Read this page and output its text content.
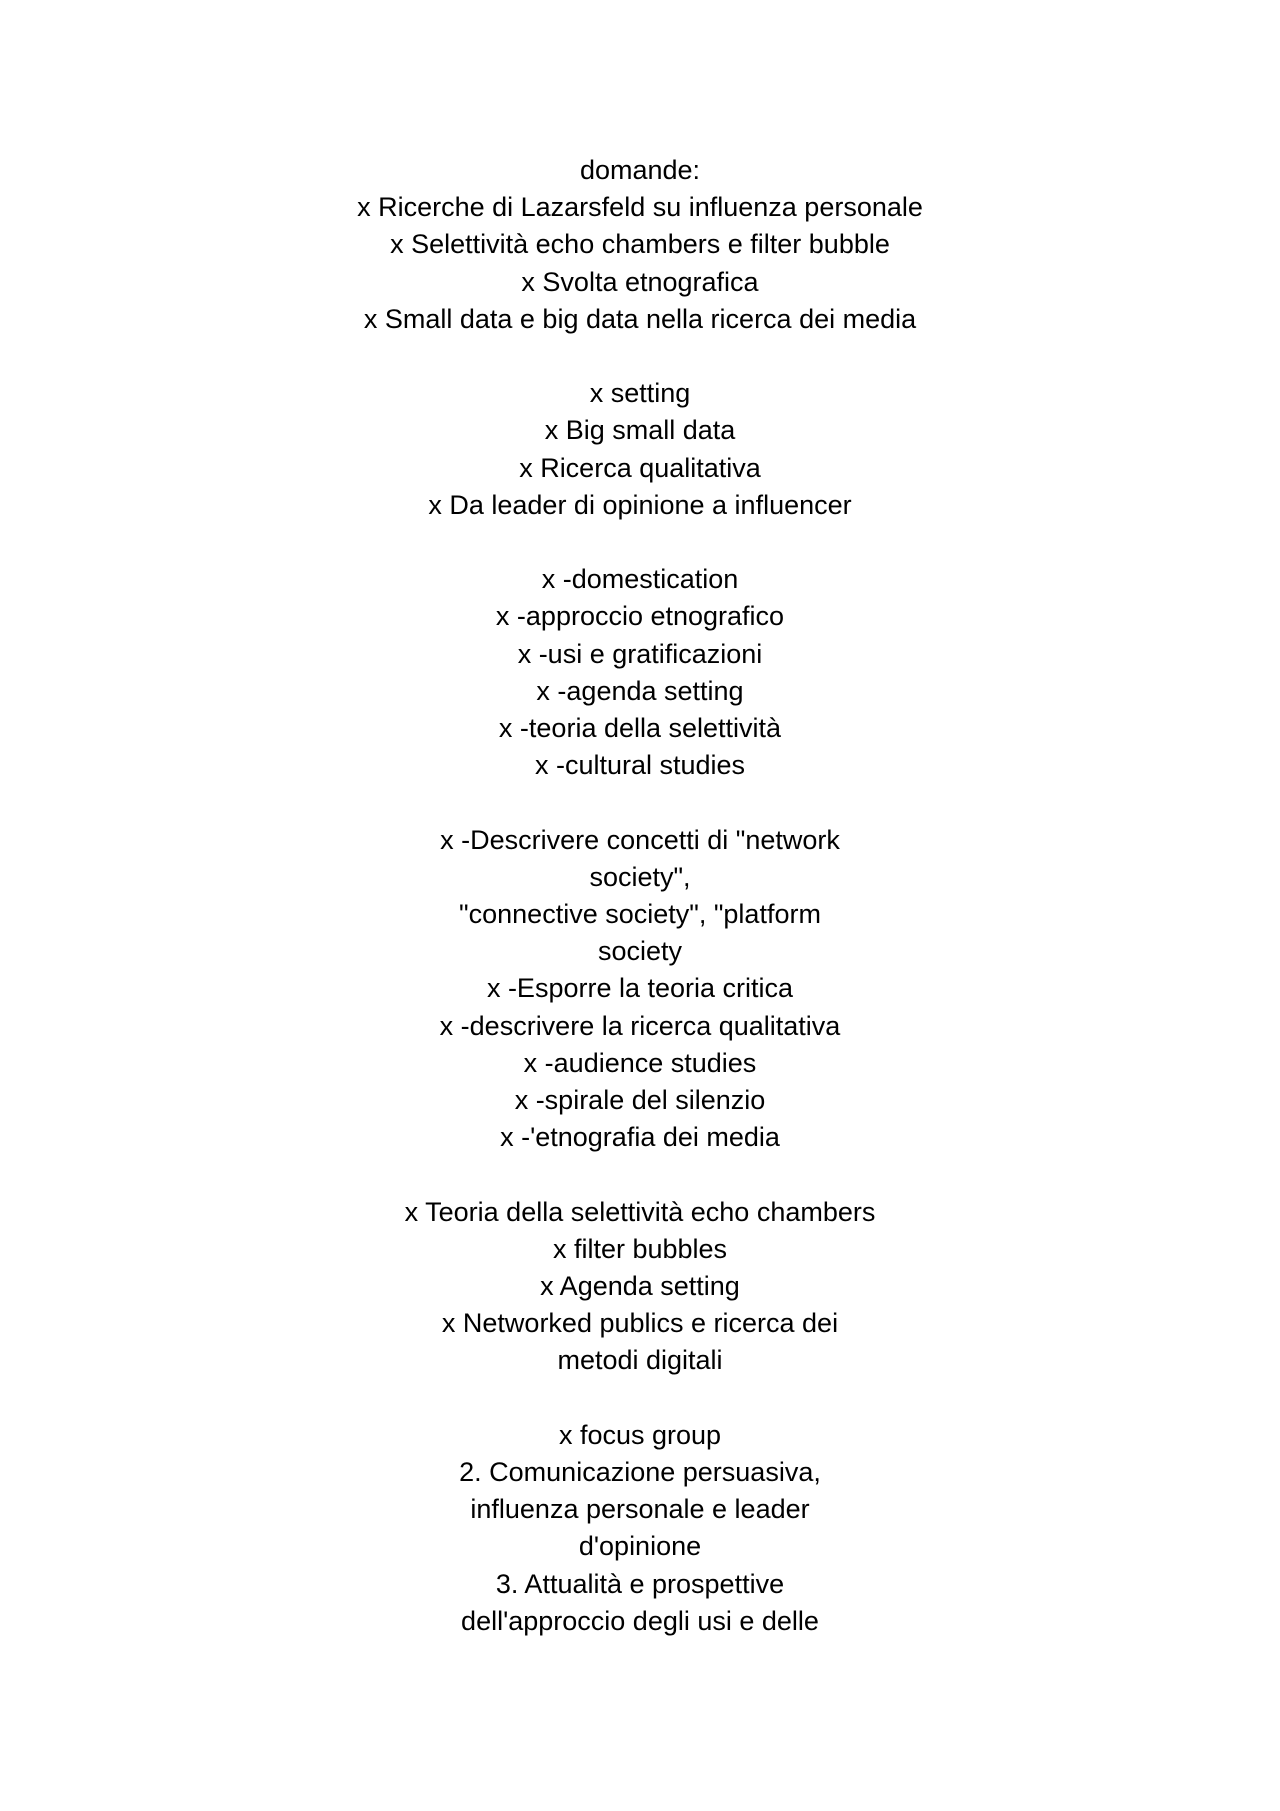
domande:
x Ricerche di Lazarsfeld su influenza personale
x Selettività echo chambers e filter bubble
x Svolta etnografica
x Small data e big data nella ricerca dei media
x setting
x Big small data
x Ricerca qualitativa
x Da leader di opinione a influencer
x -domestication
x -approccio etnografico
x -usi e gratificazioni
x -agenda setting
x -teoria della selettività
x -cultural studies
x -Descrivere concetti di "network
society",
"connective society", "platform
society
x -Esporre la teoria critica
x -descrivere la ricerca qualitativa
x -audience studies
x -spirale del silenzio
x -'etnografia dei media
x Teoria della selettività echo chambers
x filter bubbles
x Agenda setting
x Networked publics e ricerca dei
metodi digitali
x focus group
2. Comunicazione persuasiva,
influenza personale e leader
d'opinione
3. Attualità e prospettive
dell'approccio degli usi e delle
